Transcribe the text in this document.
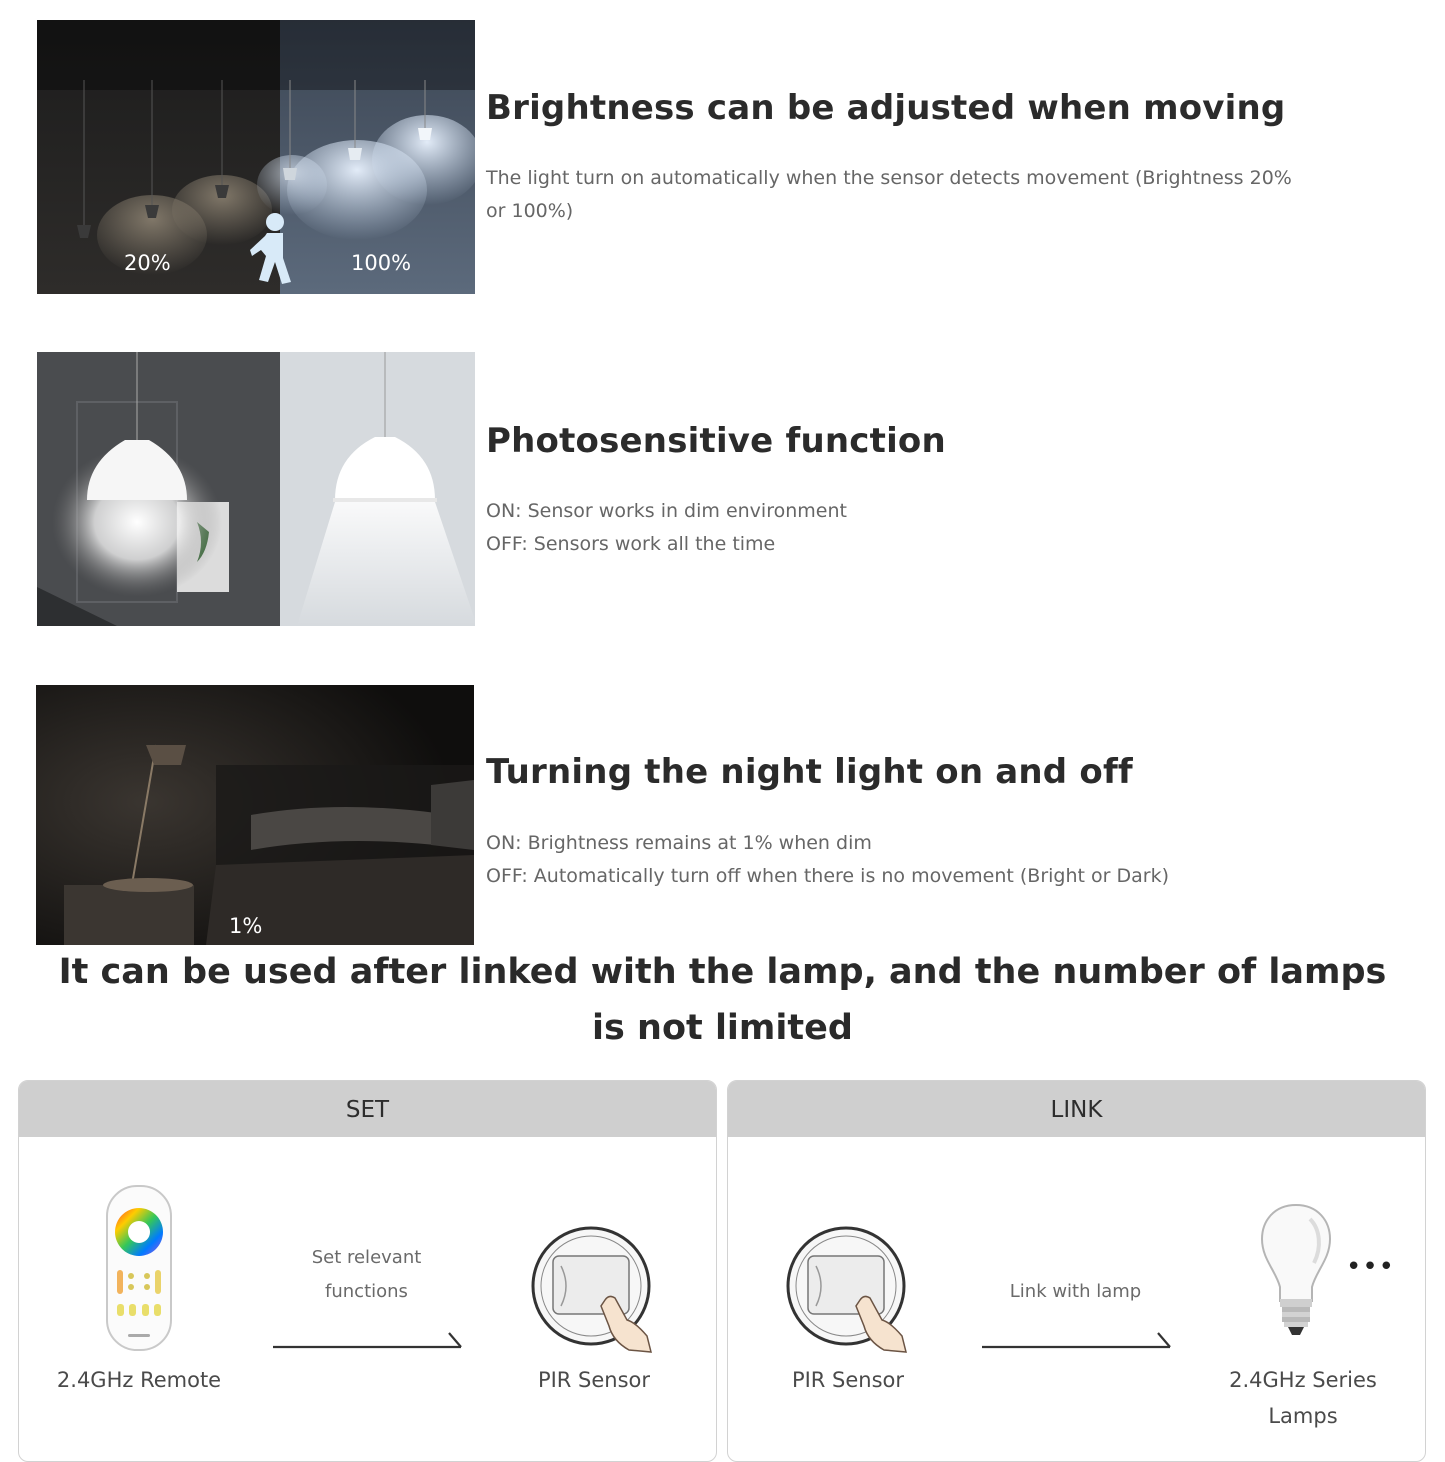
20%	100%
Brightness can be adjusted when moving
The light turn on automatically when the sensor detects movement (Brightness 20%
or 100%)
Photosensitive function
ON: Sensor works in dim environment
OFF: Sensors work all the time
1%
Turning the night light on and off
ON: Brightness remains at 1% when dim
OFF: Automatically turn off when there is no movement (Bright or Dark)
It can be used after linked with the lamp, and the number of lamps
is not limited
SET
2.4GHz Remote
Set relevant
functions
PIR Sensor
LINK
PIR Sensor
Link with lamp
•••
2.4GHz Series
Lamps
